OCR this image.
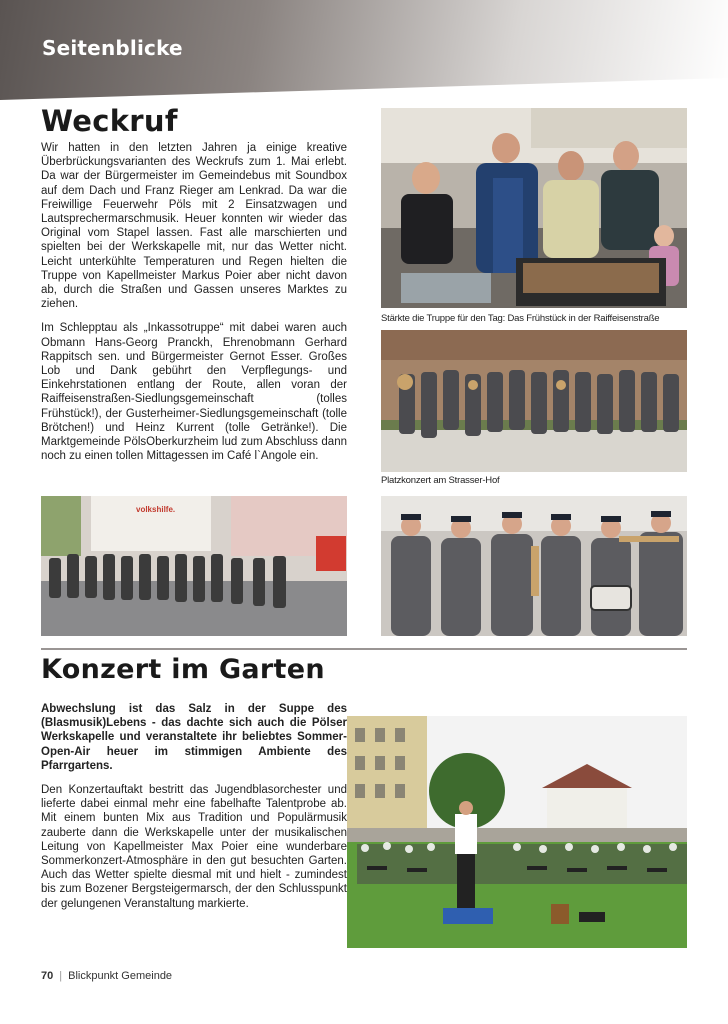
Seitenblicke
Weckruf

Wir hatten in den letzten Jahren ja einige kreative Überbrückungsvarianten des Weckrufs zum 1. Mai erlebt. Da war der Bürgermeister im Gemeindebus mit Soundbox auf dem Dach und Franz Rieger am Lenkrad. Da war die Freiwillige Feuerwehr Pöls mit 2 Einsatzwagen und Lautsprechermarschmusik. Heuer konnten wir wieder das Original vom Stapel lassen. Fast alle marschierten und spielten bei der Werkskapelle mit, nur das Wetter nicht. Leicht unterkühlte Temperaturen und Regen hielten die Truppe von Kapellmeister Markus Poier aber nicht davon ab, durch die Straßen und Gassen unseres Marktes zu ziehen.

Im Schlepptau als „Inkassotruppe“ mit dabei waren auch Obmann Hans-Georg Pranckh, Ehrenobmann Gerhard Rappitsch sen. und Bürgermeister Gernot Esser. Großes Lob und Dank gebührt den Verpflegungs- und Einkehrstationen entlang der Route, allen voran der Raiffeisenstraßen-Siedlungsgemeinschaft (tolles Frühstück!), der Gusterheimer-Siedlungsgemeinschaft (tolle Brötchen!) und Heinz Kurrent (tolle Getränke!). Die Marktgemeinde PölsOberkurzheim lud zum Abschluss dann noch zu einen tollen Mittagessen im Café l`Angole ein.

Stärkte die Truppe für den Tag: Das Frühstück in der Raiffeisenstraße
Platzkonzert am Strasser-Hof
volkshilfe.
Konzert im Garten

Abwechslung ist das Salz in der Suppe des (Blasmusik)Lebens - das dachte sich auch die Pölser Werkskapelle und veranstaltete ihr beliebtes Sommer-Open-Air heuer im stimmigen Ambiente des Pfarrgartens.

Den Konzertauftakt bestritt das Jugendblasorchester und lieferte dabei einmal mehr eine fabelhafte Talentprobe ab. Mit einem bunten Mix aus Tradition und Populärmusik zauberte dann die Werkskapelle unter der musikalischen Leitung von Kapellmeister Max Poier eine wunderbare Sommerkonzert-Atmosphäre in den gut besuchten Garten. Auch das Wetter spielte diesmal mit und hielt - zumindest bis zum Bozener Bergsteigermarsch, der den Schlusspunkt der gelungenen Veranstaltung markierte.

70 | Blickpunkt Gemeinde
